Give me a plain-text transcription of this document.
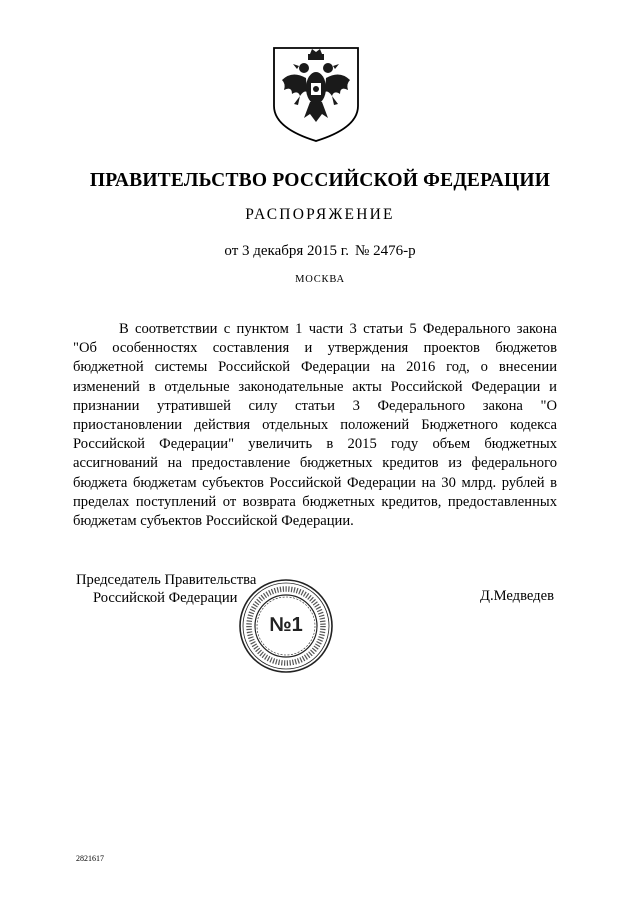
ПРАВИТЕЛЬСТВО РОССИЙСКОЙ ФЕДЕРАЦИИ
РАСПОРЯЖЕНИЕ
от 3 декабря 2015 г. № 2476-р
МОСКВА

В соответствии с пунктом 1 части 3 статьи 5 Федерального закона "Об особенностях составления и утверждения проектов бюджетов бюджетной системы Российской Федерации на 2016 год, о внесении изменений в отдельные законодательные акты Российской Федерации и признании утратившей силу статьи 3 Федерального закона "О приостановлении действия отдельных положений Бюджетного кодекса Российской Федерации" увеличить в 2015 году объем бюджетных ассигнований на предоставление бюджетных кредитов из федерального бюджета бюджетам субъектов Российской Федерации на 30 млрд. рублей в пределах поступлений от возврата бюджетных кредитов, предоставленных бюджетам субъектов Российской Федерации.

Председатель Правительства
Российской Федерации	Д.Медведев
№1
2821617
